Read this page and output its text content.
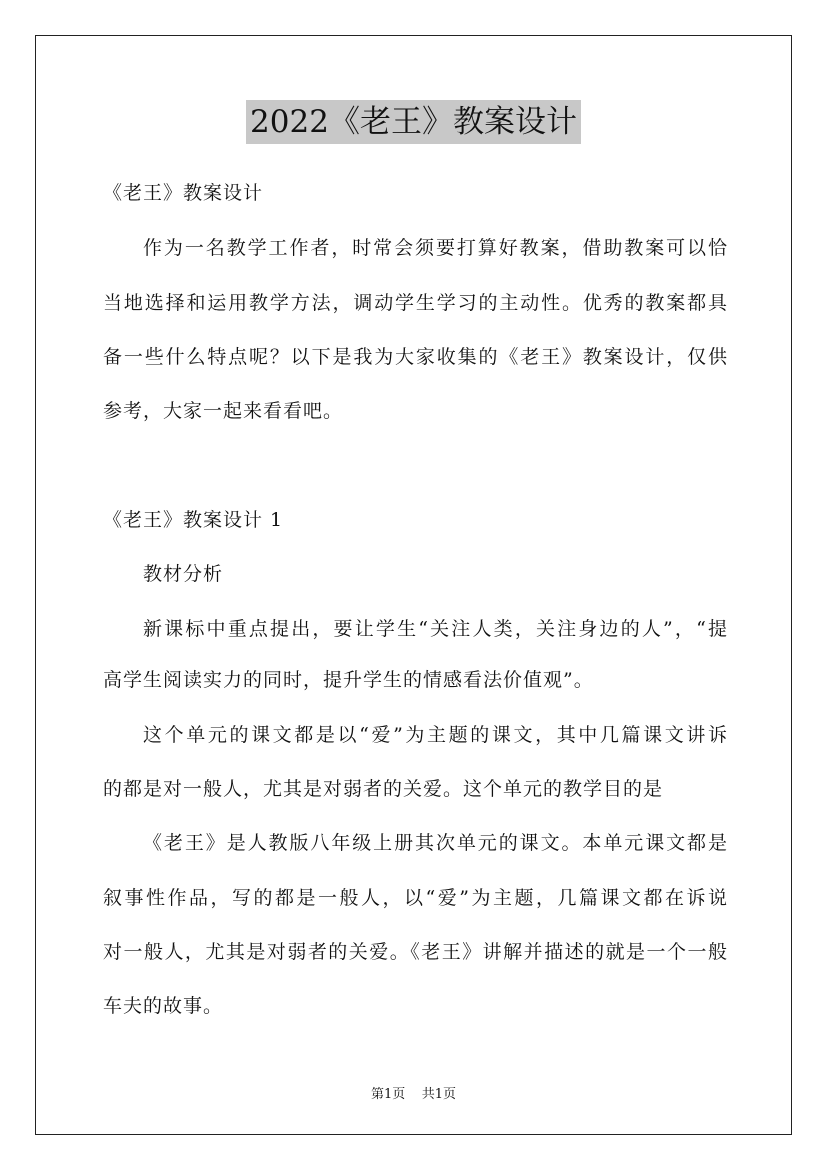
2022《老王》教案设计
《老王》教案设计
作为一名教学工作者，时常会须要打算好教案，借助教案可以恰
当地选择和运用教学方法，调动学生学习的主动性。优秀的教案都具
备一些什么特点呢？以下是我为大家收集的《老王》教案设计，仅供
参考，大家一起来看看吧。
《老王》教案设计 1
教材分析
新课标中重点提出，要让学生“关注人类，关注身边的人”，“提
高学生阅读实力的同时，提升学生的情感看法价值观”。
这个单元的课文都是以“爱”为主题的课文，其中几篇课文讲诉
的都是对一般人，尤其是对弱者的关爱。这个单元的教学目的是
《老王》是人教版八年级上册其次单元的课文。本单元课文都是
叙事性作品，写的都是一般人，以“爱”为主题，几篇课文都在诉说
对一般人，尤其是对弱者的关爱。《老王》讲解并描述的就是一个一般
车夫的故事。
第1页 共1页
